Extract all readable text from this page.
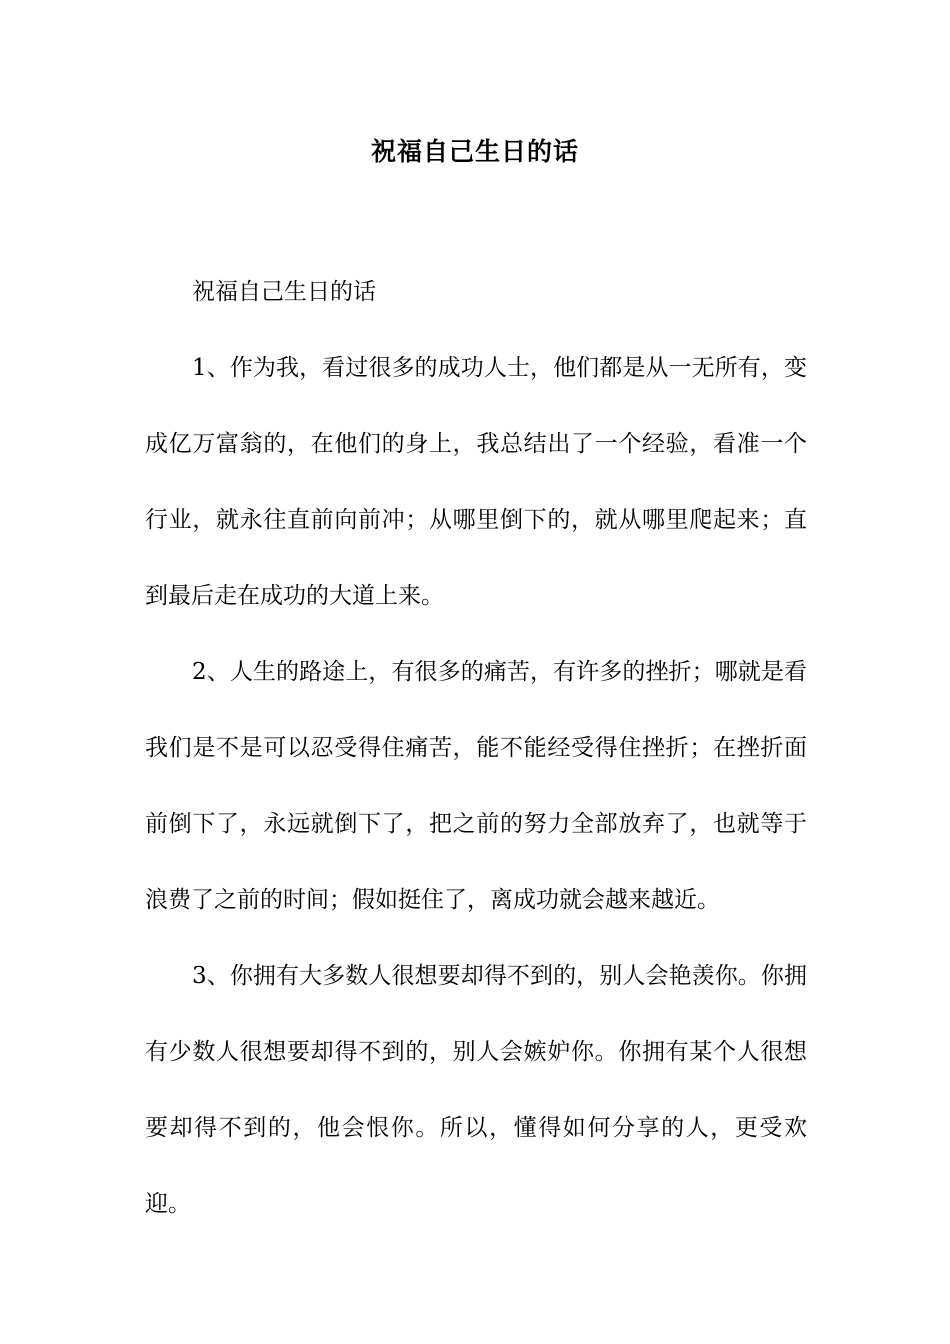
祝福自己生日的话

祝福自己生日的话

1、作为我，看过很多的成功人士，他们都是从一无所有，变成亿万富翁的，在他们的身上，我总结出了一个经验，看准一个行业，就永往直前向前冲；从哪里倒下的，就从哪里爬起来；直到最后走在成功的大道上来。

2、人生的路途上，有很多的痛苦，有许多的挫折；哪就是看我们是不是可以忍受得住痛苦，能不能经受得住挫折；在挫折面前倒下了，永远就倒下了，把之前的努力全部放弃了，也就等于浪费了之前的时间；假如挺住了，离成功就会越来越近。

3、你拥有大多数人很想要却得不到的，别人会艳羡你。你拥有少数人很想要却得不到的，别人会嫉妒你。你拥有某个人很想要却得不到的，他会恨你。所以，懂得如何分享的人，更受欢迎。
